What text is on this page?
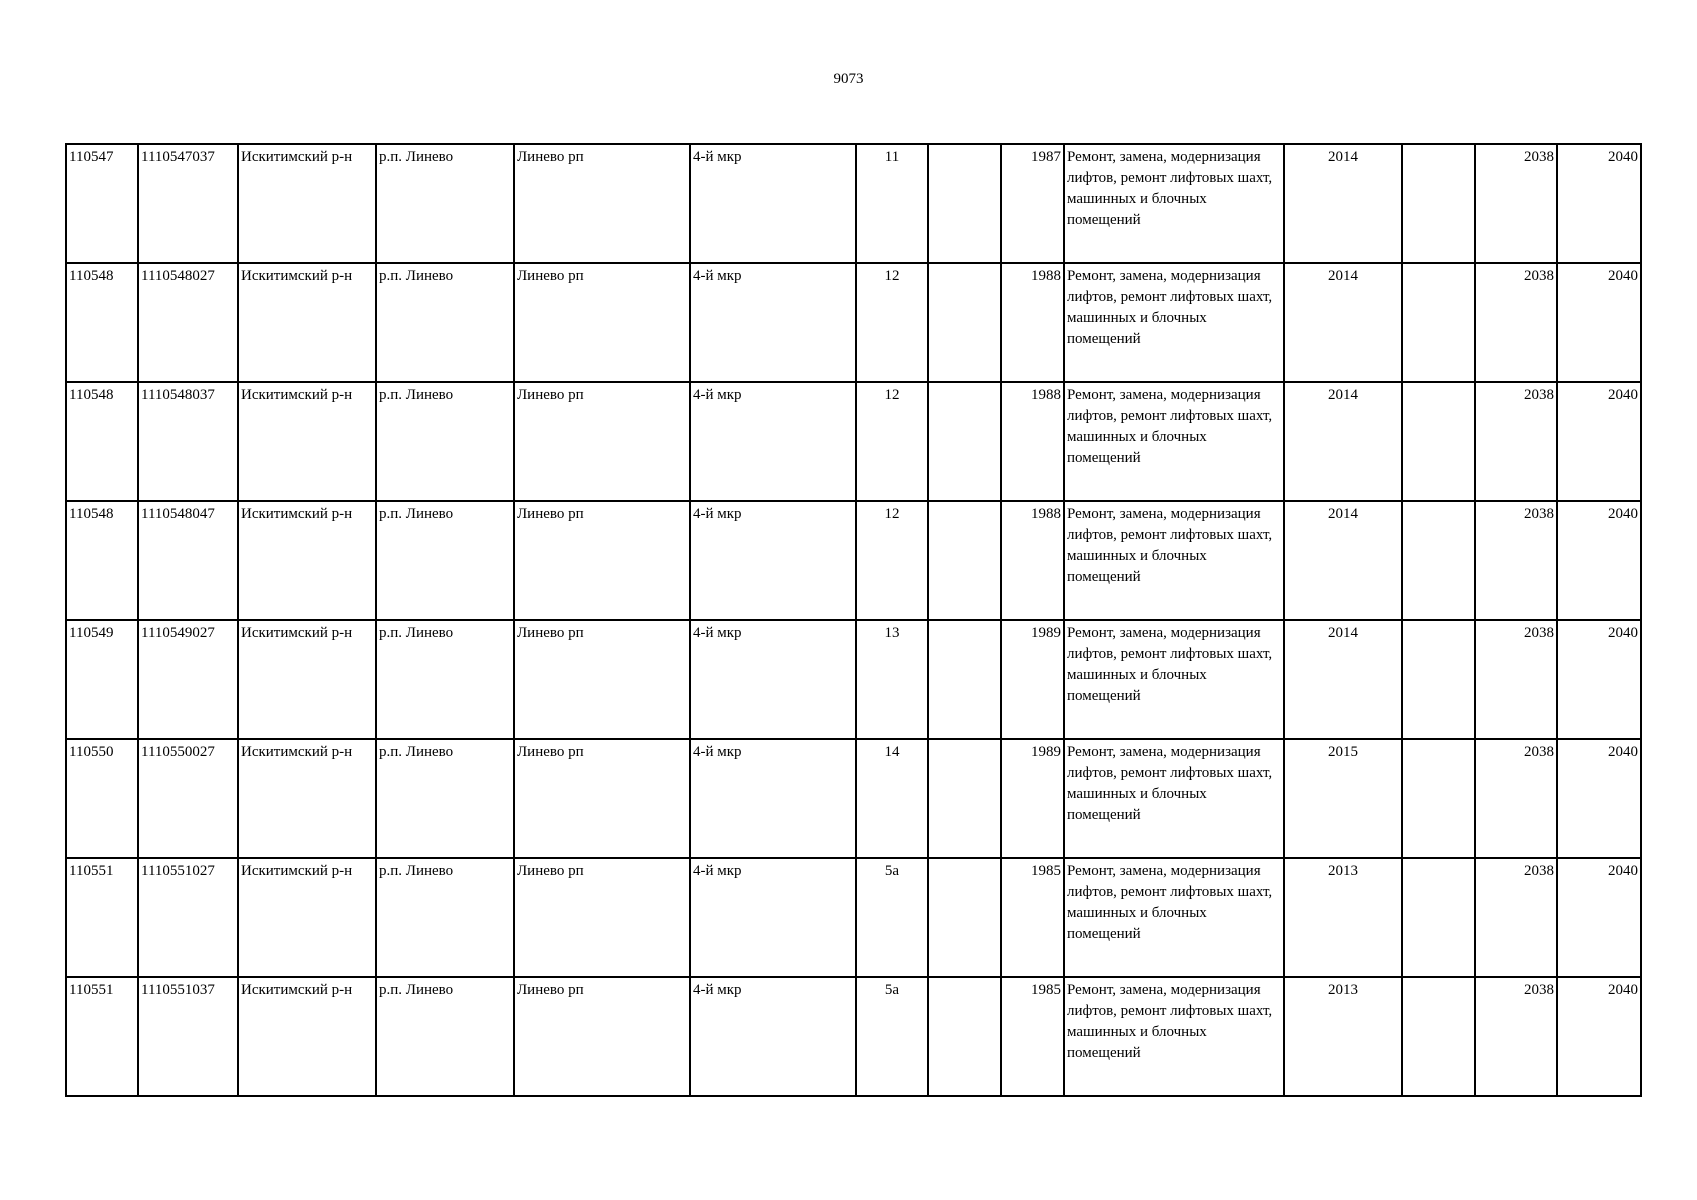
9073
110547	1110547037	Искитимский р-н	р.п. Линево	Линево рп	4-й мкр	11		1987	Ремонт, замена, модернизация лифтов, ремонт лифтовых шахт, машинных и блочных помещений	2014		2038	2040
110548	1110548027	Искитимский р-н	р.п. Линево	Линево рп	4-й мкр	12		1988	Ремонт, замена, модернизация лифтов, ремонт лифтовых шахт, машинных и блочных помещений	2014		2038	2040
110548	1110548037	Искитимский р-н	р.п. Линево	Линево рп	4-й мкр	12		1988	Ремонт, замена, модернизация лифтов, ремонт лифтовых шахт, машинных и блочных помещений	2014		2038	2040
110548	1110548047	Искитимский р-н	р.п. Линево	Линево рп	4-й мкр	12		1988	Ремонт, замена, модернизация лифтов, ремонт лифтовых шахт, машинных и блочных помещений	2014		2038	2040
110549	1110549027	Искитимский р-н	р.п. Линево	Линево рп	4-й мкр	13		1989	Ремонт, замена, модернизация лифтов, ремонт лифтовых шахт, машинных и блочных помещений	2014		2038	2040
110550	1110550027	Искитимский р-н	р.п. Линево	Линево рп	4-й мкр	14		1989	Ремонт, замена, модернизация лифтов, ремонт лифтовых шахт, машинных и блочных помещений	2015		2038	2040
110551	1110551027	Искитимский р-н	р.п. Линево	Линево рп	4-й мкр	5а		1985	Ремонт, замена, модернизация лифтов, ремонт лифтовых шахт, машинных и блочных помещений	2013		2038	2040
110551	1110551037	Искитимский р-н	р.п. Линево	Линево рп	4-й мкр	5а		1985	Ремонт, замена, модернизация лифтов, ремонт лифтовых шахт, машинных и блочных помещений	2013		2038	2040
